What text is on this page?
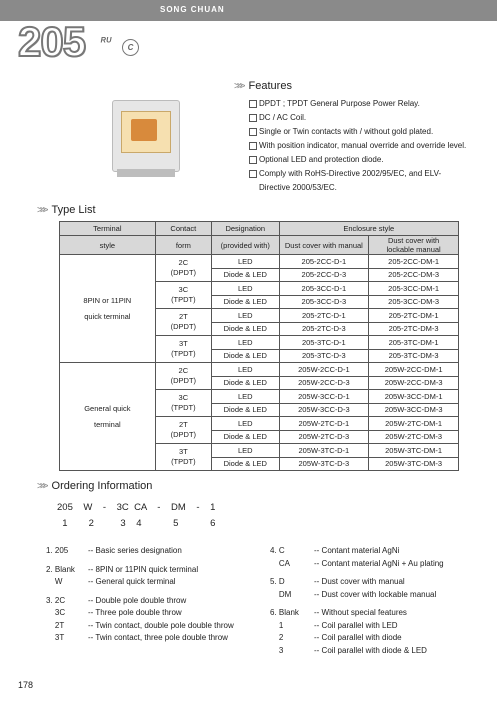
SONG CHUAN
205 ᴿᵁ	C
>>> Features
DPDT ; TPDT General Purpose Power Relay.
DC / AC Coil.
Single or Twin contacts with / without gold plated.
With position indicator, manual override and override level.
Optional LED and protection diode.
Comply with RoHS-Directive 2002/95/EC, and ELV-
Directive 2000/53/EC.
>>> Type List
Terminal	Contact	Designation	Enclosure style	
style	form	(provided with)	Dust cover with manual	Dust cover with
lockable manual
8PIN or 11PIN
quick terminal	2C
(DPDT)	LED	205-2CC-D-1	205-2CC-DM-1
		Diode & LED	205-2CC-D-3	205-2CC-DM-3
	3C
(TPDT)	LED	205-3CC-D-1	205-3CC-DM-1
		Diode & LED	205-3CC-D-3	205-3CC-DM-3
	2T
(DPDT)	LED	205-2TC-D-1	205-2TC-DM-1
		Diode & LED	205-2TC-D-3	205-2TC-DM-3
	3T
(TPDT)	LED	205-3TC-D-1	205-3TC-DM-1
		Diode & LED	205-3TC-D-3	205-3TC-DM-3
General quick
terminal	2C
(DPDT)	LED	205W-2CC-D-1	205W-2CC-DM-1
		Diode & LED	205W-2CC-D-3	205W-2CC-DM-3
	3C
(TPDT)	LED	205W-3CC-D-1	205W-3CC-DM-1
		Diode & LED	205W-3CC-D-3	205W-3CC-DM-3
	2T
(DPDT)	LED	205W-2TC-D-1	205W-2TC-DM-1
		Diode & LED	205W-2TC-D-3	205W-2TC-DM-3
	3T
(TPDT)	LED	205W-3TC-D-1	205W-3TC-DM-1
		Diode & LED	205W-3TC-D-3	205W-3TC-DM-3
>>> Ordering Information
205    W    -    3C  CA    -    DM    -    1
1        2          3    4            5            6
1. 205	-- Basic series designation
2. Blank	-- 8PIN or 11PIN quick terminal
W	-- General quick terminal
3. 2C	-- Double pole double throw
3C	-- Three pole double throw
2T	-- Twin contact, double pole double throw
3T	-- Twin contact, three pole double throw
4. C	-- Contant material AgNi
CA	-- Contant material AgNi + Au plating
5. D	-- Dust cover with manual
DM	-- Dust cover with lockable manual
6. Blank	-- Without special features
1	-- Coil parallel with LED
2	-- Coil parallel with diode
3	-- Coil parallel with diode & LED
178
